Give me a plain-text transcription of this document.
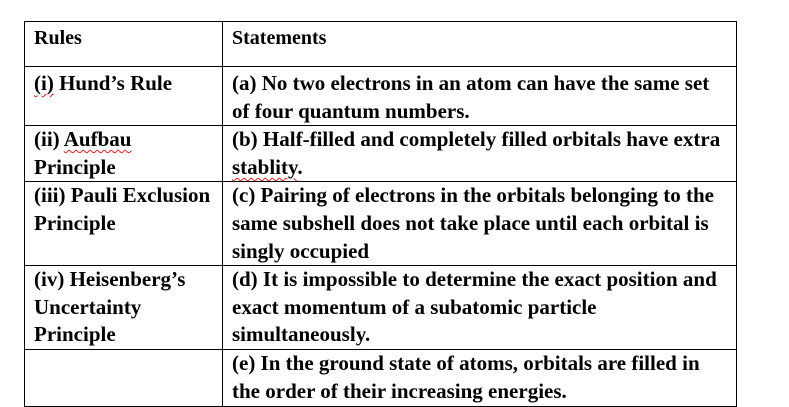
Rules	Statements
(i) Hund’s Rule	(a) No two electrons in an atom can have the same set of four quantum numbers.
(ii) Aufbau Principle	(b) Half-filled and completely filled orbitals have extra stablity.
(iii) Pauli Exclusion Principle	(c) Pairing of electrons in the orbitals belonging to the same subshell does not take place until each orbital is singly occupied
(iv) Heisenberg’s Uncertainty Principle	(d) It is impossible to determine the exact position and exact momentum of a subatomic particle simultaneously.
	(e) In the ground state of atoms, orbitals are filled in the order of their increasing energies.
